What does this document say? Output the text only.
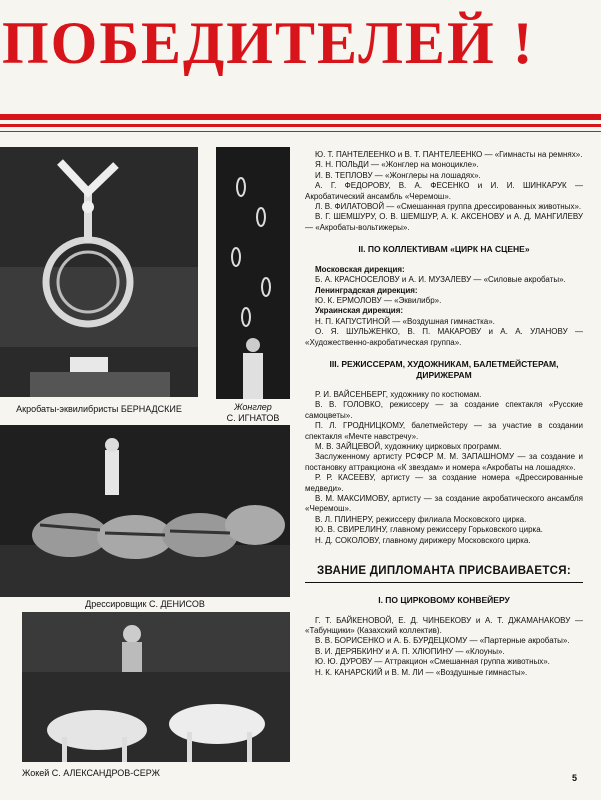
ПОБЕДИТЕЛЕЙ !
Акробаты-эквилибристы БЕРНАДСКИЕ	Жонглер
С. ИГНАТОВ
Дрессировщик С. ДЕНИСОВ
Жокей С. АЛЕКСАНДРОВ-СЕРЖ

Ю. Т. ПАНТЕЛЕЕНКО и В. Т. ПАНТЕЛЕЕНКО — «Гимнасты на ремнях».

Я. Н. ПОЛЬДИ — «Жонглер на моноцикле».

И. В. ТЕПЛОВУ — «Жонглеры на лошадях».

А. Г. ФЕДОРОВУ, В. А. ФЕСЕНКО и И. И. ШИНКАРУК — Акробатический ансамбль «Черемош».

Л. В. ФИЛАТОВОЙ — «Смешанная группа дрессированных животных».

В. Г. ШЕМШУРУ, О. В. ШЕМШУР, А. К. АКСЕНОВУ и А. Д. МАНГИЛЕВУ — «Акробаты-вольтижеры».

II. ПО КОЛЛЕКТИВАМ «ЦИРК НА СЦЕНЕ»

Московская дирекция:

Б. А. КРАСНОСЕЛОВУ и А. И. МУЗАЛЕВУ — «Силовые акробаты».

Ленинградская дирекция:

Ю. К. ЕРМОЛОВУ — «Эквилибр».

Украинская дирекция:

Н. П. КАПУСТИНОЙ — «Воздушная гимнастка».

О. Я. ШУЛЬЖЕНКО, В. П. МАКАРОВУ и А. А. УЛАНОВУ — «Художественно-акробатическая группа».

III. РЕЖИССЕРАМ, ХУДОЖНИКАМ, БАЛЕТМЕЙСТЕРАМ, ДИРИЖЕРАМ

Р. И. ВАЙСЕНБЕРГ, художнику по костюмам.

В. В. ГОЛОВКО, режиссеру — за создание спектакля «Русские самоцветы».

П. Л. ГРОДНИЦКОМУ, балетмейстеру — за участие в создании спектакля «Мечте навстречу».

М. В. ЗАЙЦЕВОЙ, художнику цирковых программ.

Заслуженному артисту РСФСР М. М. ЗАПАШНОМУ — за создание и постановку аттракциона «К звездам» и номера «Акробаты на лошадях».

Р. Р. КАСЕЕВУ, артисту — за создание номера «Дрессированные медведи».

В. М. МАКСИМОВУ, артисту — за создание акробатического ансамбля «Черемош».

В. Л. ПЛИНЕРУ, режиссеру филиала Московского цирка.

Ю. В. СВИРЕЛИНУ, главному режиссеру Горьковского цирка.

Н. Д. СОКОЛОВУ, главному дирижеру Московского цирка.

ЗВАНИЕ ДИПЛОМАНТА ПРИСВАИВАЕТСЯ:
I. ПО ЦИРКОВОМУ КОНВЕЙЕРУ

Г. Т. БАЙКЕНОВОЙ, Е. Д. ЧИНБЕКОВУ и А. Т. ДЖАМАНАКОВУ — «Табунщики» (Казахский коллектив).

В. В. БОРИСЕНКО и А. Б. БУРДЕЦКОМУ — «Партерные акробаты».

В. И. ДЕРЯБКИНУ и А. П. ХЛЮПИНУ — «Клоуны».

Ю. Ю. ДУРОВУ — Аттракцион «Смешанная группа животных».

Н. К. КАНАРСКИЙ и В. М. ЛИ — «Воздушные гимнасты».

5
